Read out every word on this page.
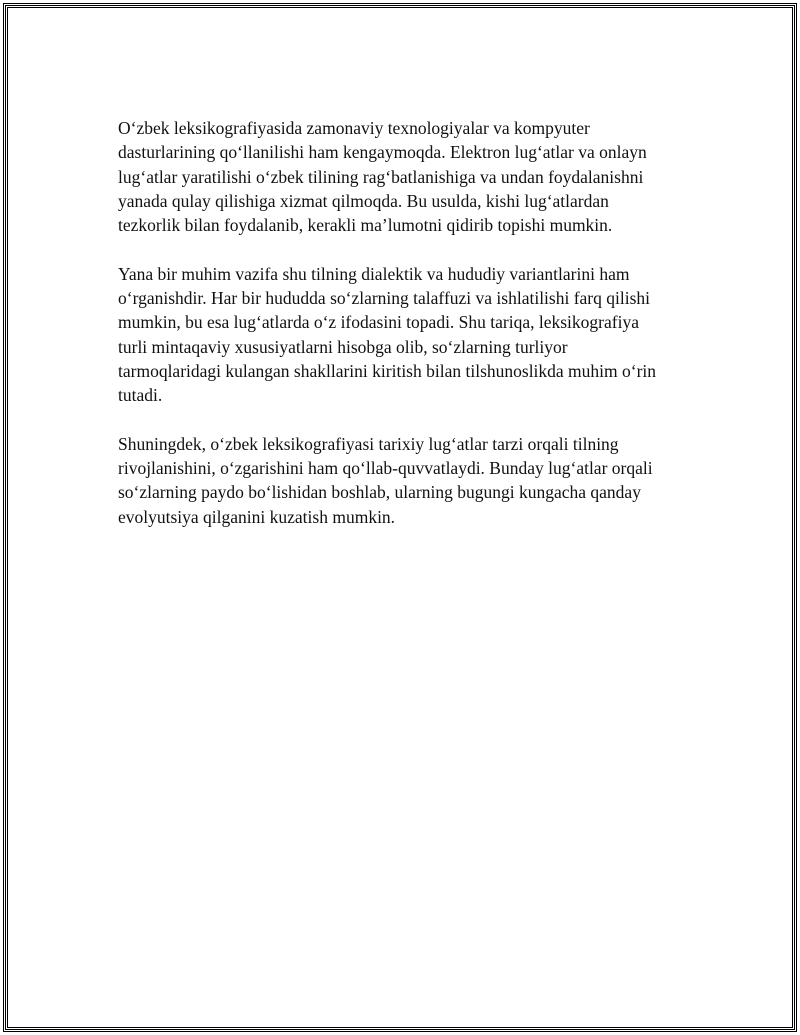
O‘zbek leksikografiyasida zamonaviy texnologiyalar va kompyuter
dasturlarining qo‘llanilishi ham kengaymoqda. Elektron lug‘atlar va onlayn
lug‘atlar yaratilishi o‘zbek tilining rag‘batlanishiga va undan foydalanishni
yanada qulay qilishiga xizmat qilmoqda. Bu usulda, kishi lug‘atlardan
tezkorlik bilan foydalanib, kerakli ma’lumotni qidirib topishi mumkin.

Yana bir muhim vazifa shu tilning dialektik va hududiy variantlarini ham
o‘rganishdir. Har bir hududda so‘zlarning talaffuzi va ishlatilishi farq qilishi
mumkin, bu esa lug‘atlarda o‘z ifodasini topadi. Shu tariqa, leksikografiya
turli mintaqaviy xususiyatlarni hisobga olib, so‘zlarning turliyor
tarmoqlaridagi kulangan shakllarini kiritish bilan tilshunoslikda muhim o‘rin
tutadi.

Shuningdek, o‘zbek leksikografiyasi tarixiy lug‘atlar tarzi orqali tilning
rivojlanishini, o‘zgarishini ham qo‘llab-quvvatlaydi. Bunday lug‘atlar orqali
so‘zlarning paydo bo‘lishidan boshlab, ularning bugungi kungacha qanday
evolyutsiya qilganini kuzatish mumkin.
